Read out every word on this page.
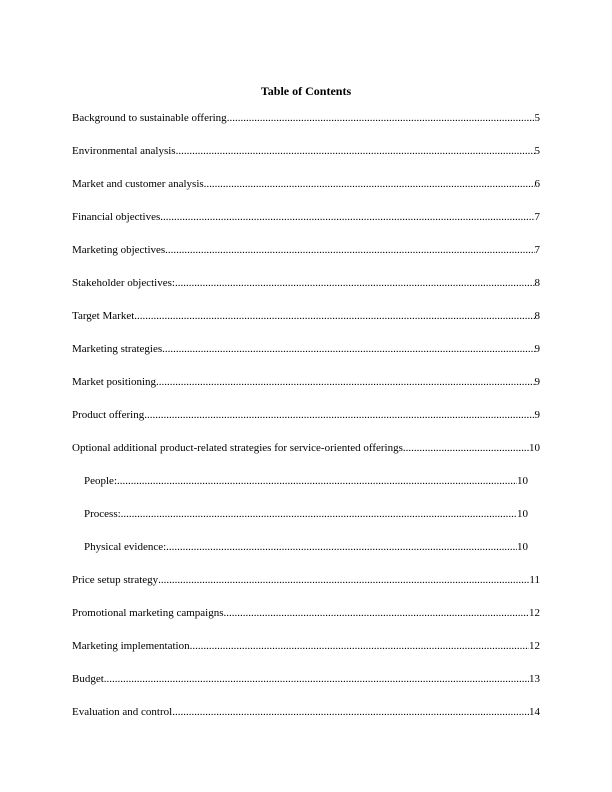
Table of Contents
Background to sustainable offering .....	5
Environmental analysis .....	5
Market and customer analysis .....	6
Financial objectives .....	7
Marketing objectives .....	7
Stakeholder objectives: .....	8
Target Market .....	8
Marketing strategies .....	9
Market positioning .....	9
Product offering .....	9
Optional additional product-related strategies for service-oriented offerings .....	10
People: .....	10
Process: .....	10
Physical evidence: .....	10
Price setup strategy .....	11
Promotional marketing campaigns .....	12
Marketing implementation .....	12
Budget .....	13
Evaluation and control .....	14
